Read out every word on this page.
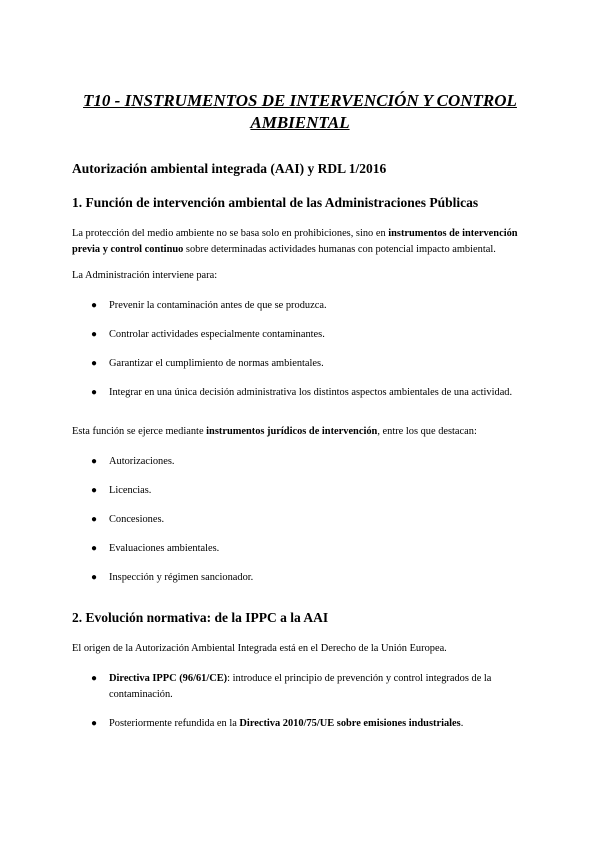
T10 - INSTRUMENTOS DE INTERVENCIÓN Y CONTROL AMBIENTAL
Autorización ambiental integrada (AAI) y RDL 1/2016
1. Función de intervención ambiental de las Administraciones Públicas
La protección del medio ambiente no se basa solo en prohibiciones, sino en instrumentos de intervención previa y control continuo sobre determinadas actividades humanas con potencial impacto ambiental.
La Administración interviene para:
● Prevenir la contaminación antes de que se produzca.
● Controlar actividades especialmente contaminantes.
● Garantizar el cumplimiento de normas ambientales.
● Integrar en una única decisión administrativa los distintos aspectos ambientales de una actividad.
Esta función se ejerce mediante instrumentos jurídicos de intervención, entre los que destacan:
● Autorizaciones.
● Licencias.
● Concesiones.
● Evaluaciones ambientales.
● Inspección y régimen sancionador.
2. Evolución normativa: de la IPPC a la AAI
El origen de la Autorización Ambiental Integrada está en el Derecho de la Unión Europea.
● Directiva IPPC (96/61/CE): introduce el principio de prevención y control integrados de la contaminación.
● Posteriormente refundida en la Directiva 2010/75/UE sobre emisiones industriales.
